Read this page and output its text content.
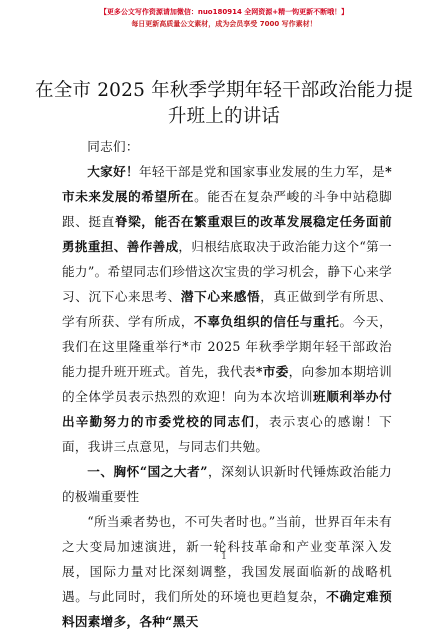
【更多公文写作资源请加微信：nuo180914 全网资源+精一钩更新不断哦！】
每日更新高质量公文素材，成为会员享受 7000 写作素材！
在全市 2025 年秋季学期年轻干部政治能力提升班上的讲话

同志们：

大家好！年轻干部是党和国家事业发展的生力军，是*市未来发展的希望所在。能否在复杂严峻的斗争中站稳脚跟、挺直脊梁，能否在繁重艰巨的改革发展稳定任务面前勇挑重担、善作善成，归根结底取决于政治能力这个“第一能力”。希望同志们珍惜这次宝贵的学习机会，静下心来学习、沉下心来思考、潜下心来感悟，真正做到学有所思、学有所获、学有所成，不辜负组织的信任与重托。今天，我们在这里隆重举行*市 2025 年秋季学期年轻干部政治能力提升班开班式。首先，我代表*市委，向参加本期培训的全体学员表示热烈的欢迎！向为本次培训班顺利举办付出辛勤努力的市委党校的同志们，表示衷心的感谢！下面，我讲三点意见，与同志们共勉。

一、胸怀“国之大者”，深刻认识新时代锤炼政治能力的极端重要性

“所当乘者势也，不可失者时也。”当前，世界百年未有之大变局加速演进，新一轮科技革命和产业变革深入发展，国际力量对比深刻调整，我国发展面临新的战略机遇。与此同时，我们所处的环境也更趋复杂，不确定难预料因素增多，各种“黑天

1
